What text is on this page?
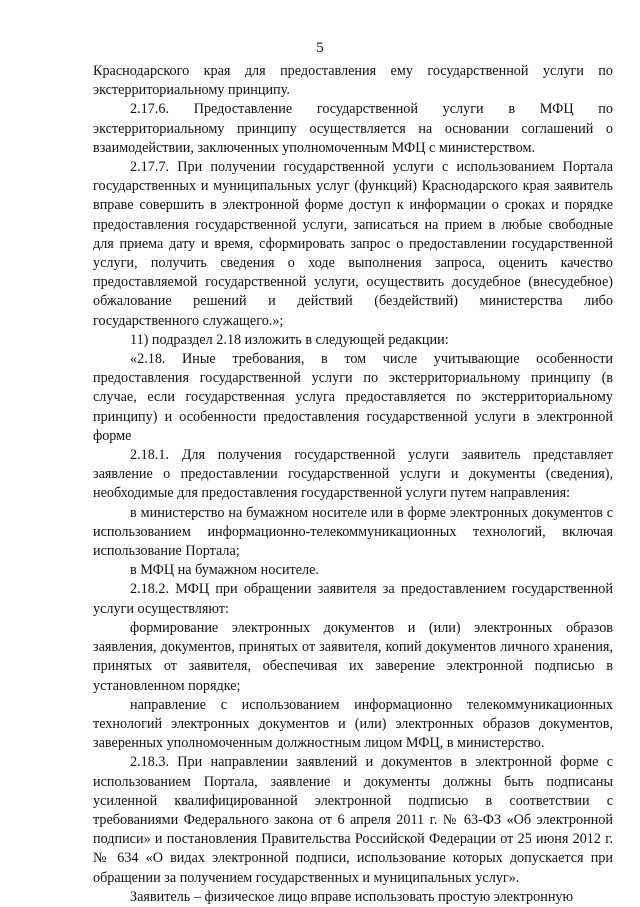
5

Краснодарского края для предоставления ему государственной услуги по экстерриториальному принципу.

2.17.6. Предоставление государственной услуги в МФЦ по экстерриториальному принципу осуществляется на основании соглашений о взаимодействии, заключенных уполномоченным МФЦ с министерством.

2.17.7. При получении государственной услуги с использованием Портала государственных и муниципальных услуг (функций) Краснодарского края заявитель вправе совершить в электронной форме доступ к информации о сроках и порядке предоставления государственной услуги, записаться на прием в любые свободные для приема дату и время, сформировать запрос о предоставлении государственной услуги, получить сведения о ходе выполнения запроса, оценить качество предоставляемой государственной услуги, осуществить досудебное (внесудебное) обжалование решений и действий (бездействий) министерства либо государственного служащего.»;

11) подраздел 2.18 изложить в следующей редакции:

«2.18. Иные требования, в том числе учитывающие особенности предоставления государственной услуги по экстерриториальному принципу (в случае, если государственная услуга предоставляется по экстерриториальному принципу) и особенности предоставления государственной услуги в электронной форме

2.18.1. Для получения государственной услуги заявитель представляет заявление о предоставлении государственной услуги и документы (сведения), необходимые для предоставления государственной услуги путем направления:

в министерство на бумажном носителе или в форме электронных документов с использованием информационно-телекоммуникационных технологий, включая использование Портала;

в МФЦ на бумажном носителе.

2.18.2. МФЦ при обращении заявителя за предоставлением государственной услуги осуществляют:

формирование электронных документов и (или) электронных образов заявления, документов, принятых от заявителя, копий документов личного хранения, принятых от заявителя, обеспечивая их заверение электронной подписью в установленном порядке;

направление с использованием информационно телекоммуникационных технологий электронных документов и (или) электронных образов документов, заверенных уполномоченным должностным лицом МФЦ, в министерство.

2.18.3. При направлении заявлений и документов в электронной форме с использованием Портала, заявление и документы должны быть подписаны усиленной квалифицированной электронной подписью в соответствии с требованиями Федерального закона от 6 апреля 2011 г. № 63-ФЗ «Об электронной подписи» и постановления Правительства Российской Федерации от 25 июня 2012 г. № 634 «О видах электронной подписи, использование которых допускается при обращении за получением государственных и муниципальных услуг».

Заявитель – физическое лицо вправе использовать простую электронную
